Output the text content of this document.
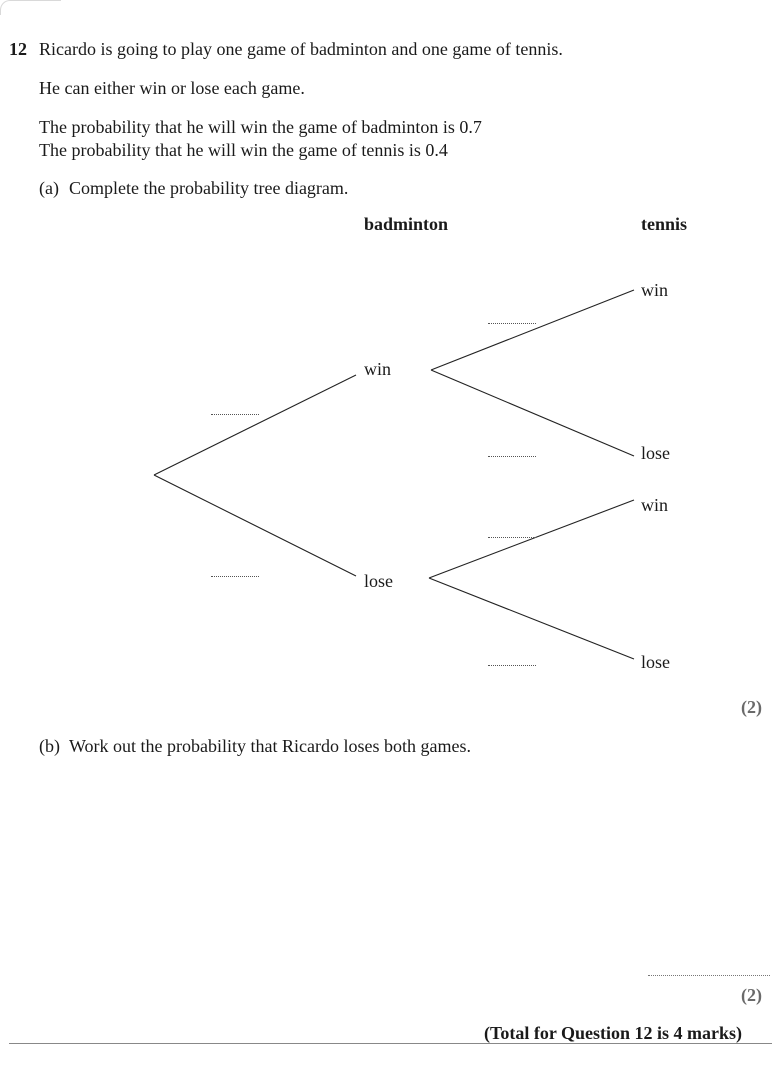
12 Ricardo is going to play one game of badminton and one game of tennis.
He can either win or lose each game.
The probability that he will win the game of badminton is 0.7
The probability that he will win the game of tennis is 0.4
(a) Complete the probability tree diagram.
badminton	tennis
win
lose
win
lose
win
lose
(2)
(b) Work out the probability that Ricardo loses both games.
(2)
(Total for Question 12 is 4 marks)
